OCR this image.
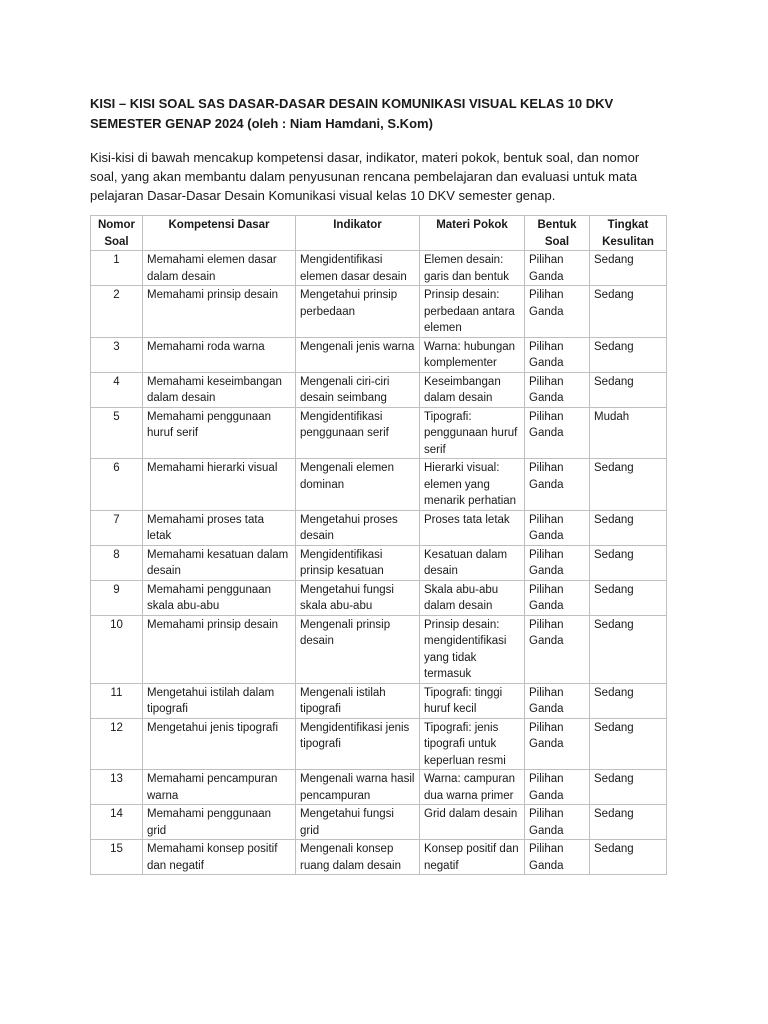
KISI – KISI SOAL SAS DASAR-DASAR DESAIN KOMUNIKASI VISUAL KELAS 10 DKV SEMESTER GENAP 2024 (oleh : Niam Hamdani, S.Kom)

Kisi-kisi di bawah mencakup kompetensi dasar, indikator, materi pokok, bentuk soal, dan nomor soal, yang akan membantu dalam penyusunan rencana pembelajaran dan evaluasi untuk mata pelajaran Dasar-Dasar Desain Komunikasi visual kelas 10 DKV semester genap.

Nomor Soal	Kompetensi Dasar	Indikator	Materi Pokok	Bentuk Soal	Tingkat Kesulitan
1	Memahami elemen dasar dalam desain	Mengidentifikasi elemen dasar desain	Elemen desain: garis dan bentuk	Pilihan Ganda	Sedang
2	Memahami prinsip desain	Mengetahui prinsip perbedaan	Prinsip desain: perbedaan antara elemen	Pilihan Ganda	Sedang
3	Memahami roda warna	Mengenali jenis warna	Warna: hubungan komplementer	Pilihan Ganda	Sedang
4	Memahami keseimbangan dalam desain	Mengenali ciri-ciri desain seimbang	Keseimbangan dalam desain	Pilihan Ganda	Sedang
5	Memahami penggunaan huruf serif	Mengidentifikasi penggunaan serif	Tipografi: penggunaan huruf serif	Pilihan Ganda	Mudah
6	Memahami hierarki visual	Mengenali elemen dominan	Hierarki visual: elemen yang menarik perhatian	Pilihan Ganda	Sedang
7	Memahami proses tata letak	Mengetahui proses desain	Proses tata letak	Pilihan Ganda	Sedang
8	Memahami kesatuan dalam desain	Mengidentifikasi prinsip kesatuan	Kesatuan dalam desain	Pilihan Ganda	Sedang
9	Memahami penggunaan skala abu-abu	Mengetahui fungsi skala abu-abu	Skala abu-abu dalam desain	Pilihan Ganda	Sedang
10	Memahami prinsip desain	Mengenali prinsip desain	Prinsip desain: mengidentifikasi yang tidak termasuk	Pilihan Ganda	Sedang
11	Mengetahui istilah dalam tipografi	Mengenali istilah tipografi	Tipografi: tinggi huruf kecil	Pilihan Ganda	Sedang
12	Mengetahui jenis tipografi	Mengidentifikasi jenis tipografi	Tipografi: jenis tipografi untuk keperluan resmi	Pilihan Ganda	Sedang
13	Memahami pencampuran warna	Mengenali warna hasil pencampuran	Warna: campuran dua warna primer	Pilihan Ganda	Sedang
14	Memahami penggunaan grid	Mengetahui fungsi grid	Grid dalam desain	Pilihan Ganda	Sedang
15	Memahami konsep positif dan negatif	Mengenali konsep ruang dalam desain	Konsep positif dan negatif	Pilihan Ganda	Sedang
